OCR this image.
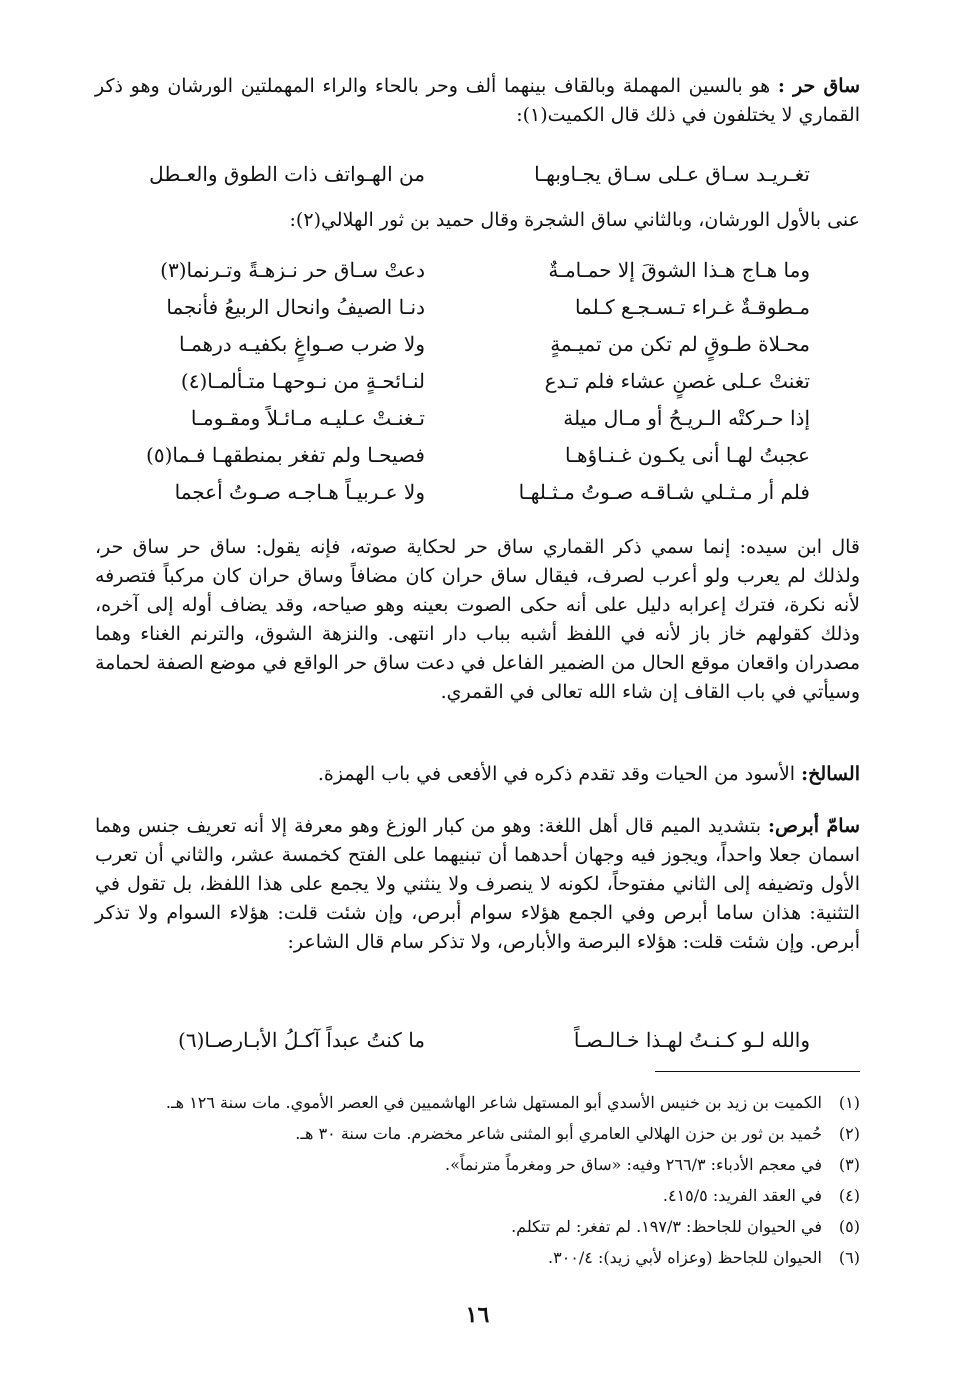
ساق حر : هو بالسين المهملة وبالقاف بينهما ألف وحر بالحاء والراء المهملتين الورشان وهو ذكر القماري لا يختلفون في ذلك قال الكميت(١):
تغـريـد سـاق عـلى سـاق يجـاوبهـا
من الهـواتف ذات الطوق والعـطل
عنى بالأول الورشان، وبالثاني ساق الشجرة وقال حميد بن ثور الهلالي(٢):
وما هـاج هـذا الشوقَ إلا حمـامـةٌ
دعتْ سـاق حر نـزهـةً وتـرنما(٣)
مـطوقـةٌ غـراء تـسـجـع كـلما
دنـا الصيفُ وانحال الربيعُ فأنجما
محـلاة طـوقٍ لم تكن من تميـمةٍ
ولا ضرب صـواغٍ بكفيـه درهمـا
تغنتْ عـلى غصنٍ عشاء فلم تـدع
لنـائحـةٍ من نـوحهـا متـألمـا(٤)
إذا حـركتْه الـريـحُ أو مـال ميلة
تـغنـتْ عـليـه مـائـلاً ومقـومـا
عجبتُ لهـا أنى يكـون غـنـاؤهـا
فصيحـا ولم تفغر بمنطقهـا فـما(٥)
فلم أر مـثـلي شـاقـه صـوتُ مـثـلهـا
ولا عـربيـاً هـاجـه صـوتُ أعجما
قال ابن سيده: إنما سمي ذكر القماري ساق حر لحكاية صوته، فإنه يقول: ساق حر ساق حر، ولذلك لم يعرب ولو أعرب لصرف، فيقال ساق حران كان مضافاً وساق حران كان مركباً فتصرفه لأنه نكرة، فترك إعرابه دليل على أنه حكى الصوت بعينه وهو صياحه، وقد يضاف أوله إلى آخره، وذلك كقولهم خاز باز لأنه في اللفظ أشبه بباب دار انتهى. والنزهة الشوق، والترنم الغناء وهما مصدران واقعان موقع الحال من الضمير الفاعل في دعت ساق حر الواقع في موضع الصفة لحمامة وسيأتي في باب القاف إن شاء الله تعالى في القمري.
السالخ: الأسود من الحيات وقد تقدم ذكره في الأفعى في باب الهمزة.
سامّ أبرص: بتشديد الميم قال أهل اللغة: وهو من كبار الوزغ وهو معرفة إلا أنه تعريف جنس وهما اسمان جعلا واحداً، ويجوز فيه وجهان أحدهما أن تبنيهما على الفتح كخمسة عشر، والثاني أن تعرب الأول وتضيفه إلى الثاني مفتوحاً، لكونه لا ينصرف ولا ينثني ولا يجمع على هذا اللفظ، بل تقول في التثنية: هذان ساما أبرص وفي الجمع هؤلاء سوام أبرص، وإن شئت قلت: هؤلاء السوام ولا تذكر أبرص. وإن شئت قلت: هؤلاء البرصة والأبارص، ولا تذكر سام قال الشاعر:
والله لـو كـنـتُ لهـذا خـالـصـاً
ما كنتُ عبداً آكـلُ الأبـارصـا(٦)
(١)الكميت بن زيد بن خنيس الأسدي أبو المستهل شاعر الهاشميين في العصر الأموي. مات سنة ١٢٦ هـ.
(٢)حُميد بن ثور بن حزن الهلالي العامري أبو المثنى شاعر مخضرم. مات سنة ٣٠ هـ.
(٣)في معجم الأدباء: ٢٦٦/٣ وفيه: «ساق حر ومغرماً مترنماً».
(٤)في العقد الفريد: ٤١٥/٥.
(٥)في الحيوان للجاحظ: ١٩٧/٣. لم تفغر: لم تتكلم.
(٦)الحيوان للجاحظ (وعزاه لأبي زيد): ٣٠٠/٤.
١٦
